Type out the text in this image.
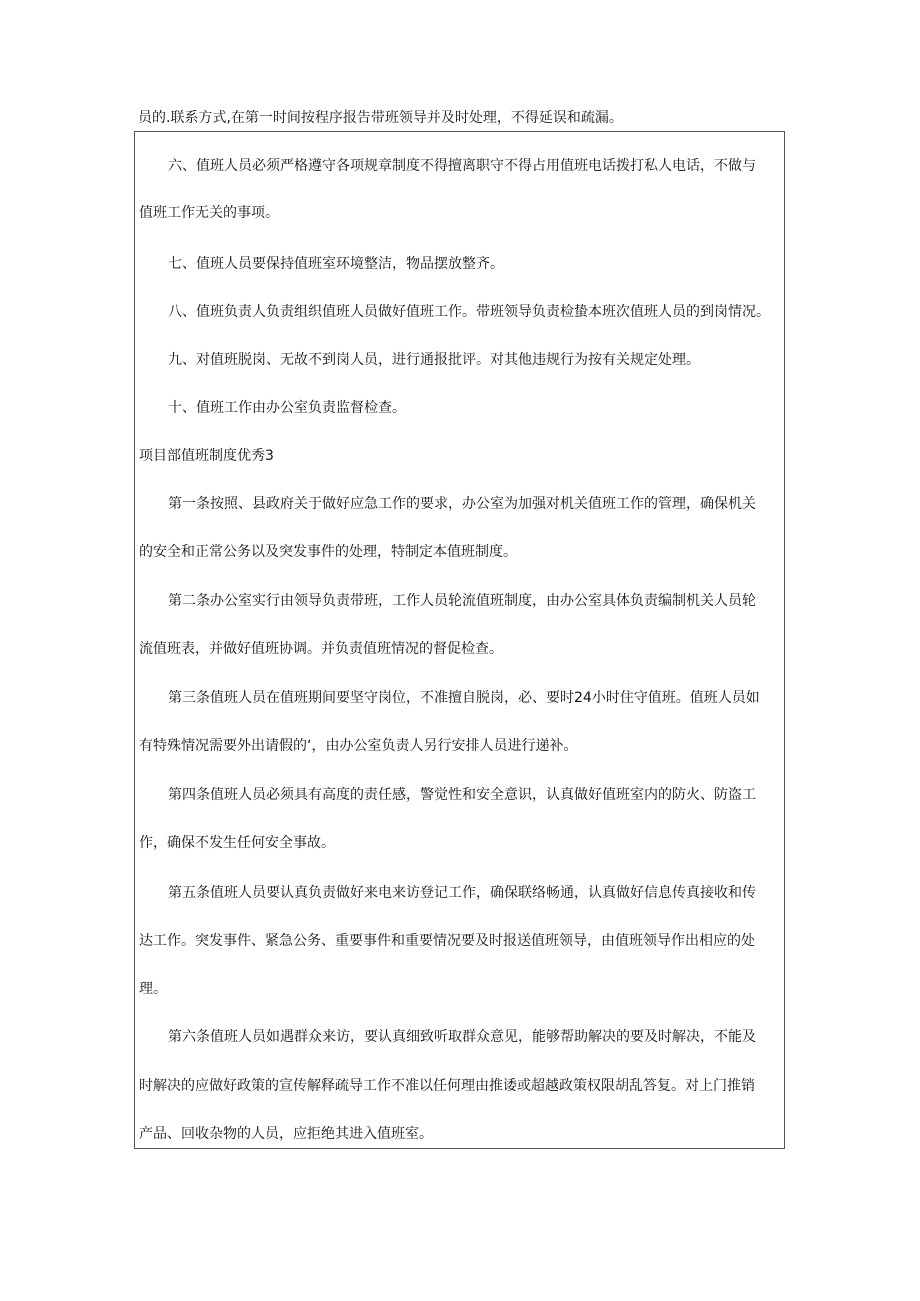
员的.联系方式,在第一时间按程序报告带班领导并及时处理，不得延误和疏漏。
六、值班人员必须严格遵守各项规章制度不得擅离职守不得占用值班电话拨打私人电话，不做与
值班工作无关的事项。
七、值班人员要保持值班室环境整洁，物品摆放整齐。
八、值班负责人负责组织值班人员做好值班工作。带班领导负责检蛰本班次值班人员的到岗情况。
九、对值班脱岗、无故不到岗人员，进行通报批评。对其他违规行为按有关规定处理。
十、值班工作由办公室负责监督检查。
项目部值班制度优秀3
第一条按照、县政府关于做好应急工作的要求，办公室为加强对机关值班工作的管理，确保机关
的安全和正常公务以及突发事件的处理，特制定本值班制度。
第二条办公室实行由领导负责带班，工作人员轮流值班制度，由办公室具体负责编制机关人员轮
流值班表，并做好值班协调。并负责值班情况的督促检查。
第三条值班人员在值班期间要坚守岗位，不准擅自脱岗，必、要时24小时住守值班。值班人员如
有特殊情况需要外出请假的‘，由办公室负责人另行安排人员进行递补。
第四条值班人员必须具有高度的责任感，警觉性和安全意识，认真做好值班室内的防火、防盗工
作，确保不发生任何安全事故。
第五条值班人员要认真负责做好来电来访登记工作，确保联络畅通，认真做好信息传真接收和传
达工作。突发事件、紧急公务、重要事件和重要情况要及时报送值班领导，由值班领导作出相应的处
理。
第六条值班人员如遇群众来访，要认真细致听取群众意见，能够帮助解决的要及时解决，不能及
时解决的应做好政策的宣传解释疏导工作不准以任何理由推诿或超越政策权限胡乱答复。对上门推销
产品、回收杂物的人员，应拒绝其进入值班室。
